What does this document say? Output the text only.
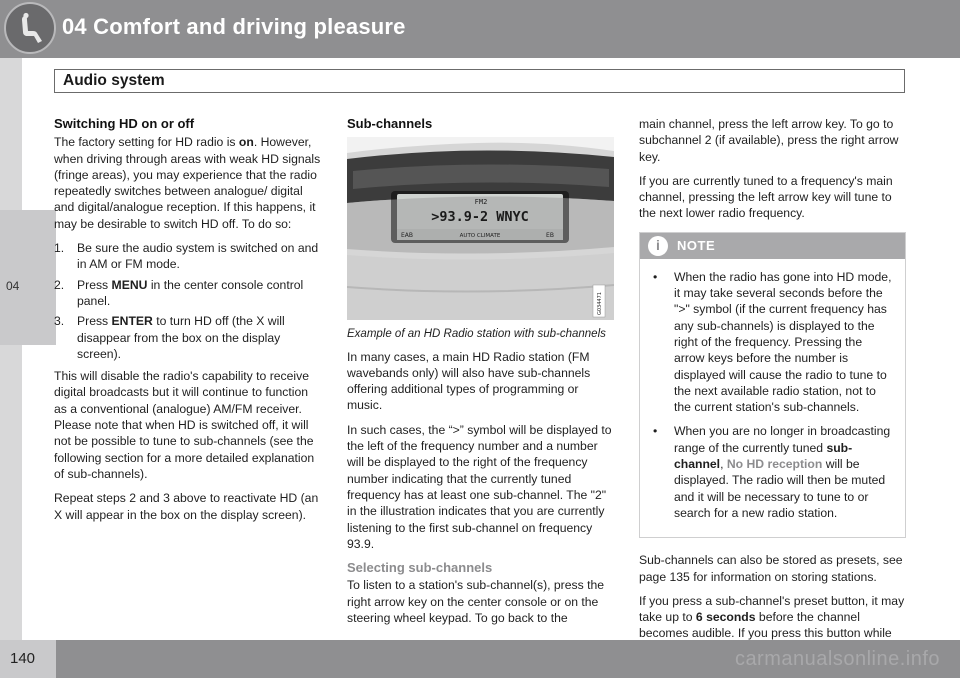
04 Comfort and driving pleasure
Audio system
04
Switching HD on or off

The factory setting for HD radio is on. However, when driving through areas with weak HD signals (fringe areas), you may experience that the radio repeatedly switches between analogue/ digital and digital/analogue reception. If this happens, it may be desirable to switch HD off. To do so:

1. Be sure the audio system is switched on and in AM or FM mode.
2. Press MENU in the center console control panel.
3. Press ENTER to turn HD off (the X will disappear from the box on the display screen).

This will disable the radio's capability to receive digital broadcasts but it will continue to function as a conventional (analogue) AM/FM receiver. Please note that when HD is switched off, it will not be possible to tune to sub-channels (see the following section for a more detailed explanation of sub-channels).

Repeat steps 2 and 3 above to reactivate HD (an X will appear in the box on the display screen).

Sub-channels
FM2
>93.9-2 WNYC
EAB	AUTO CLIMATE	EB
G034471
Example of an HD Radio station with sub-channels

In many cases, a main HD Radio station (FM wavebands only) will also have sub-channels offering additional types of programming or music.

In such cases, the “>” symbol will be displayed to the left of the frequency number and a number will be displayed to the right of the frequency number indicating that the currently tuned frequency has at least one sub-channel. The "2" in the illustration indicates that you are currently listening to the first sub-channel on frequency 93.9.

Selecting sub-channels

To listen to a station's sub-channel(s), press the right arrow key on the center console or on the steering wheel keypad. To go back to the

main channel, press the left arrow key. To go to subchannel 2 (if available), press the right arrow key.

If you are currently tuned to a frequency's main channel, pressing the left arrow key will tune to the next lower radio frequency.

i	NOTE
• When the radio has gone into HD mode, it may take several seconds before the ">" symbol (if the current frequency has any sub-channels) is displayed to the right of the frequency. Pressing the arrow keys before the number is displayed will cause the radio to tune to the next available radio station, not to the current station's sub-channels.
• When you are no longer in broadcasting range of the currently tuned sub-channel, No HD reception will be displayed. The radio will then be muted and it will be necessary to tune to or search for a new radio station.

Sub-channels can also be stored as presets, see page 135 for information on storing stations.

If you press a sub-channel's preset button, it may take up to 6 seconds before the channel becomes audible. If you press this button while

140	carmanualsonline.info
